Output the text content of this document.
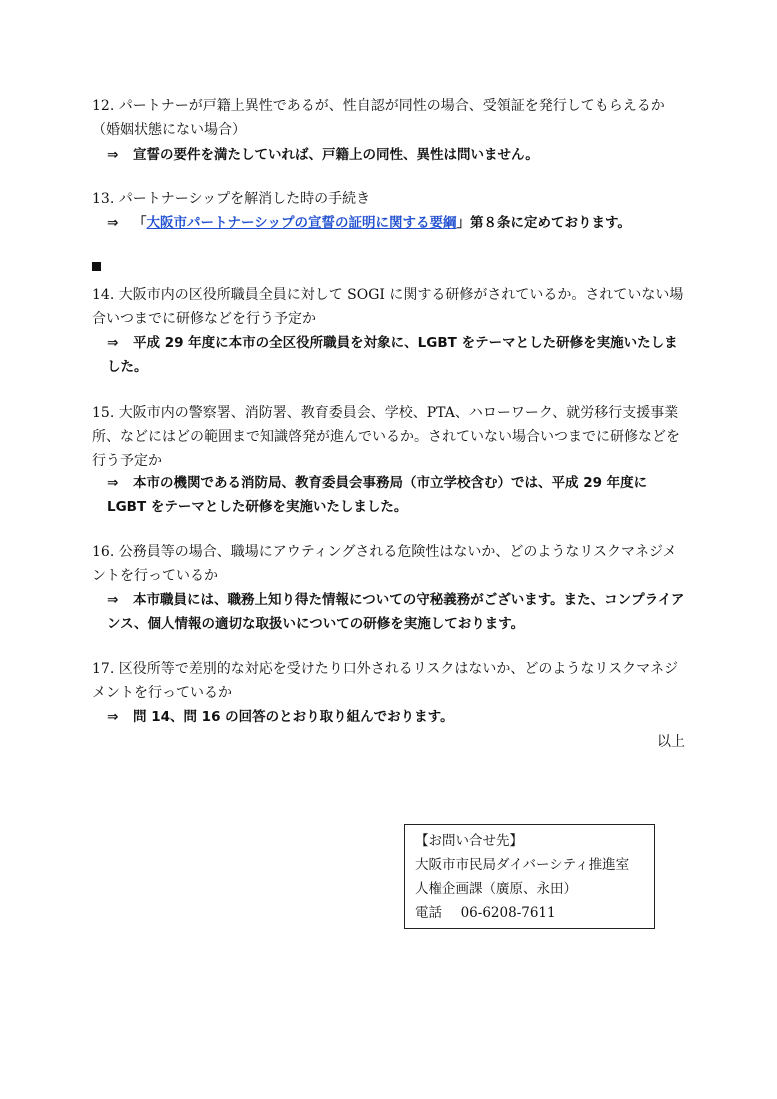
12. パートナーが戸籍上異性であるが、性自認が同性の場合、受領証を発行してもらえるか（婚姻状態にない場合）
⇒ 宣誓の要件を満たしていれば、戸籍上の同性、異性は問いません。
13. パートナーシップを解消した時の手続き
⇒ 「大阪市パートナーシップの宣誓の証明に関する要綱」第８条に定めております。
14. 大阪市内の区役所職員全員に対して SOGI に関する研修がされているか。されていない場合いつまでに研修などを行う予定か
⇒ 平成 29 年度に本市の全区役所職員を対象に、LGBT をテーマとした研修を実施いたしました。
15. 大阪市内の警察署、消防署、教育委員会、学校、PTA、ハローワーク、就労移行支援事業所、などにはどの範囲まで知識啓発が進んでいるか。されていない場合いつまでに研修などを行う予定か
⇒ 本市の機関である消防局、教育委員会事務局（市立学校含む）では、平成 29 年度に LGBT をテーマとした研修を実施いたしました。
16. 公務員等の場合、職場にアウティングされる危険性はないか、どのようなリスクマネジメントを行っているか
⇒ 本市職員には、職務上知り得た情報についての守秘義務がございます。また、コンプライアンス、個人情報の適切な取扱いについての研修を実施しております。
17. 区役所等で差別的な対応を受けたり口外されるリスクはないか、どのようなリスクマネジメントを行っているか
⇒ 問 14、問 16 の回答のとおり取り組んでおります。
以上
【お問い合せ先】
大阪市市民局ダイバーシティ推進室
人権企画課（廣原、永田）
電話 06-6208-7611
